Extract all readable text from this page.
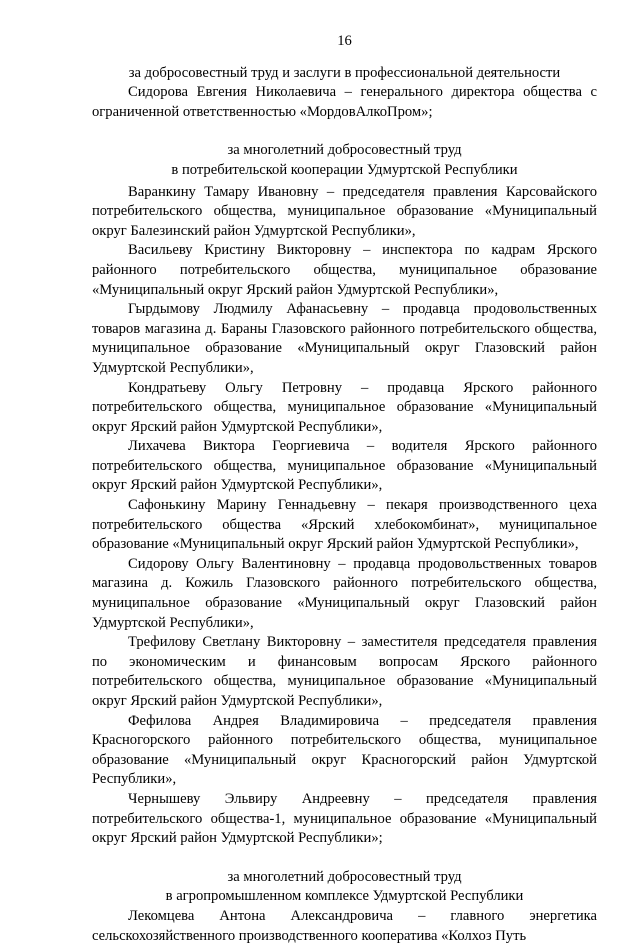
16

за добросовестный труд и заслуги в профессиональной деятельности

Сидорова Евгения Николаевича – генерального директора общества с ограниченной ответственностью «МордовАлкоПром»;

за многолетний добросовестный труд

в потребительской кооперации Удмуртской Республики

Варанкину Тамару Ивановну – председателя правления Карсовайского потребительского общества, муниципальное образование «Муниципальный округ Балезинский район Удмуртской Республики»,

Васильеву Кристину Викторовну – инспектора по кадрам Ярского районного потребительского общества, муниципальное образование «Муниципальный округ Ярский район Удмуртской Республики»,

Гырдымову Людмилу Афанасьевну – продавца продовольственных товаров магазина д. Бараны Глазовского районного потребительского общества, муниципальное образование «Муниципальный округ Глазовский район Удмуртской Республики»,

Кондратьеву Ольгу Петровну – продавца Ярского районного потребительского общества, муниципальное образование «Муниципальный округ Ярский район Удмуртской Республики»,

Лихачева Виктора Георгиевича – водителя Ярского районного потребительского общества, муниципальное образование «Муниципальный округ Ярский район Удмуртской Республики»,

Сафонькину Марину Геннадьевну – пекаря производственного цеха потребительского общества «Ярский хлебокомбинат», муниципальное образование «Муниципальный округ Ярский район Удмуртской Республики»,

Сидорову Ольгу Валентиновну – продавца продовольственных товаров магазина д. Кожиль Глазовского районного потребительского общества, муниципальное образование «Муниципальный округ Глазовский район Удмуртской Республики»,

Трефилову Светлану Викторовну – заместителя председателя правления по экономическим и финансовым вопросам Ярского районного потребительского общества, муниципальное образование «Муниципальный округ Ярский район Удмуртской Республики»,

Фефилова Андрея Владимировича – председателя правления Красногорского районного потребительского общества, муниципальное образование «Муниципальный округ Красногорский район Удмуртской Республики»,

Чернышеву Эльвиру Андреевну – председателя правления потребительского общества-1, муниципальное образование «Муниципальный округ Ярский район Удмуртской Республики»;

за многолетний добросовестный труд

в агропромышленном комплексе Удмуртской Республики

Лекомцева Антона Александровича – главного энергетика сельскохозяйственного производственного кооператива «Колхоз Путь
